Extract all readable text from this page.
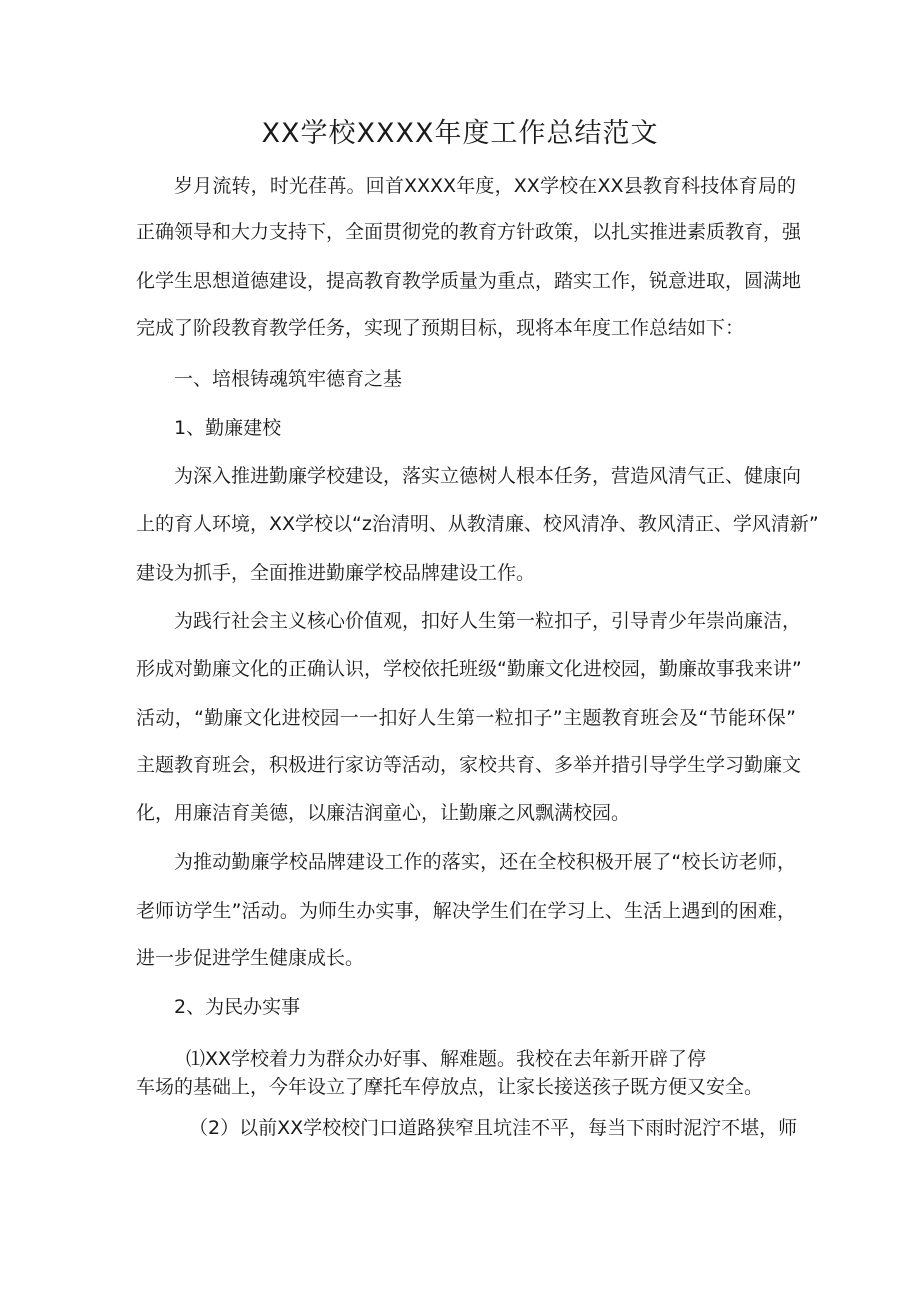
XX学校XXXX年度工作总结范文
岁月流转，时光荏苒。回首XXXX年度，XX学校在XX县教育科技体育局的
正确领导和大力支持下，全面贯彻党的教育方针政策，以扎实推进素质教育，强
化学生思想道德建设，提高教育教学质量为重点，踏实工作，锐意进取，圆满地
完成了阶段教育教学任务，实现了预期目标，现将本年度工作总结如下：
一、培根铸魂筑牢德育之基
1、勤廉建校
为深入推进勤廉学校建设，落实立德树人根本任务，营造风清气正、健康向
上的育人环境，XX学校以“z治清明、从教清廉、校风清净、教风清正、学风清新”
建设为抓手，全面推进勤廉学校品牌建设工作。
为践行社会主义核心价值观，扣好人生第一粒扣子，引导青少年崇尚廉洁，
形成对勤廉文化的正确认识，学校依托班级“勤廉文化进校园，勤廉故事我来讲”
活动，“勤廉文化进校园一一扣好人生第一粒扣子”主题教育班会及“节能环保”
主题教育班会，积极进行家访等活动，家校共育、多举并措引导学生学习勤廉文
化，用廉洁育美德，以廉洁润童心，让勤廉之风飘满校园。
为推动勤廉学校品牌建设工作的落实，还在全校积极开展了“校长访老师，
老师访学生”活动。为师生办实事，解决学生们在学习上、生活上遇到的困难，
进一步促进学生健康成长。
2、为民办实事
⑴XX学校着力为群众办好事、解难题。我校在去年新开辟了停
车场的基础上，今年设立了摩托车停放点，让家长接送孩子既方便又安全。
（2）以前XX学校校门口道路狭窄且坑洼不平，每当下雨时泥泞不堪，师
